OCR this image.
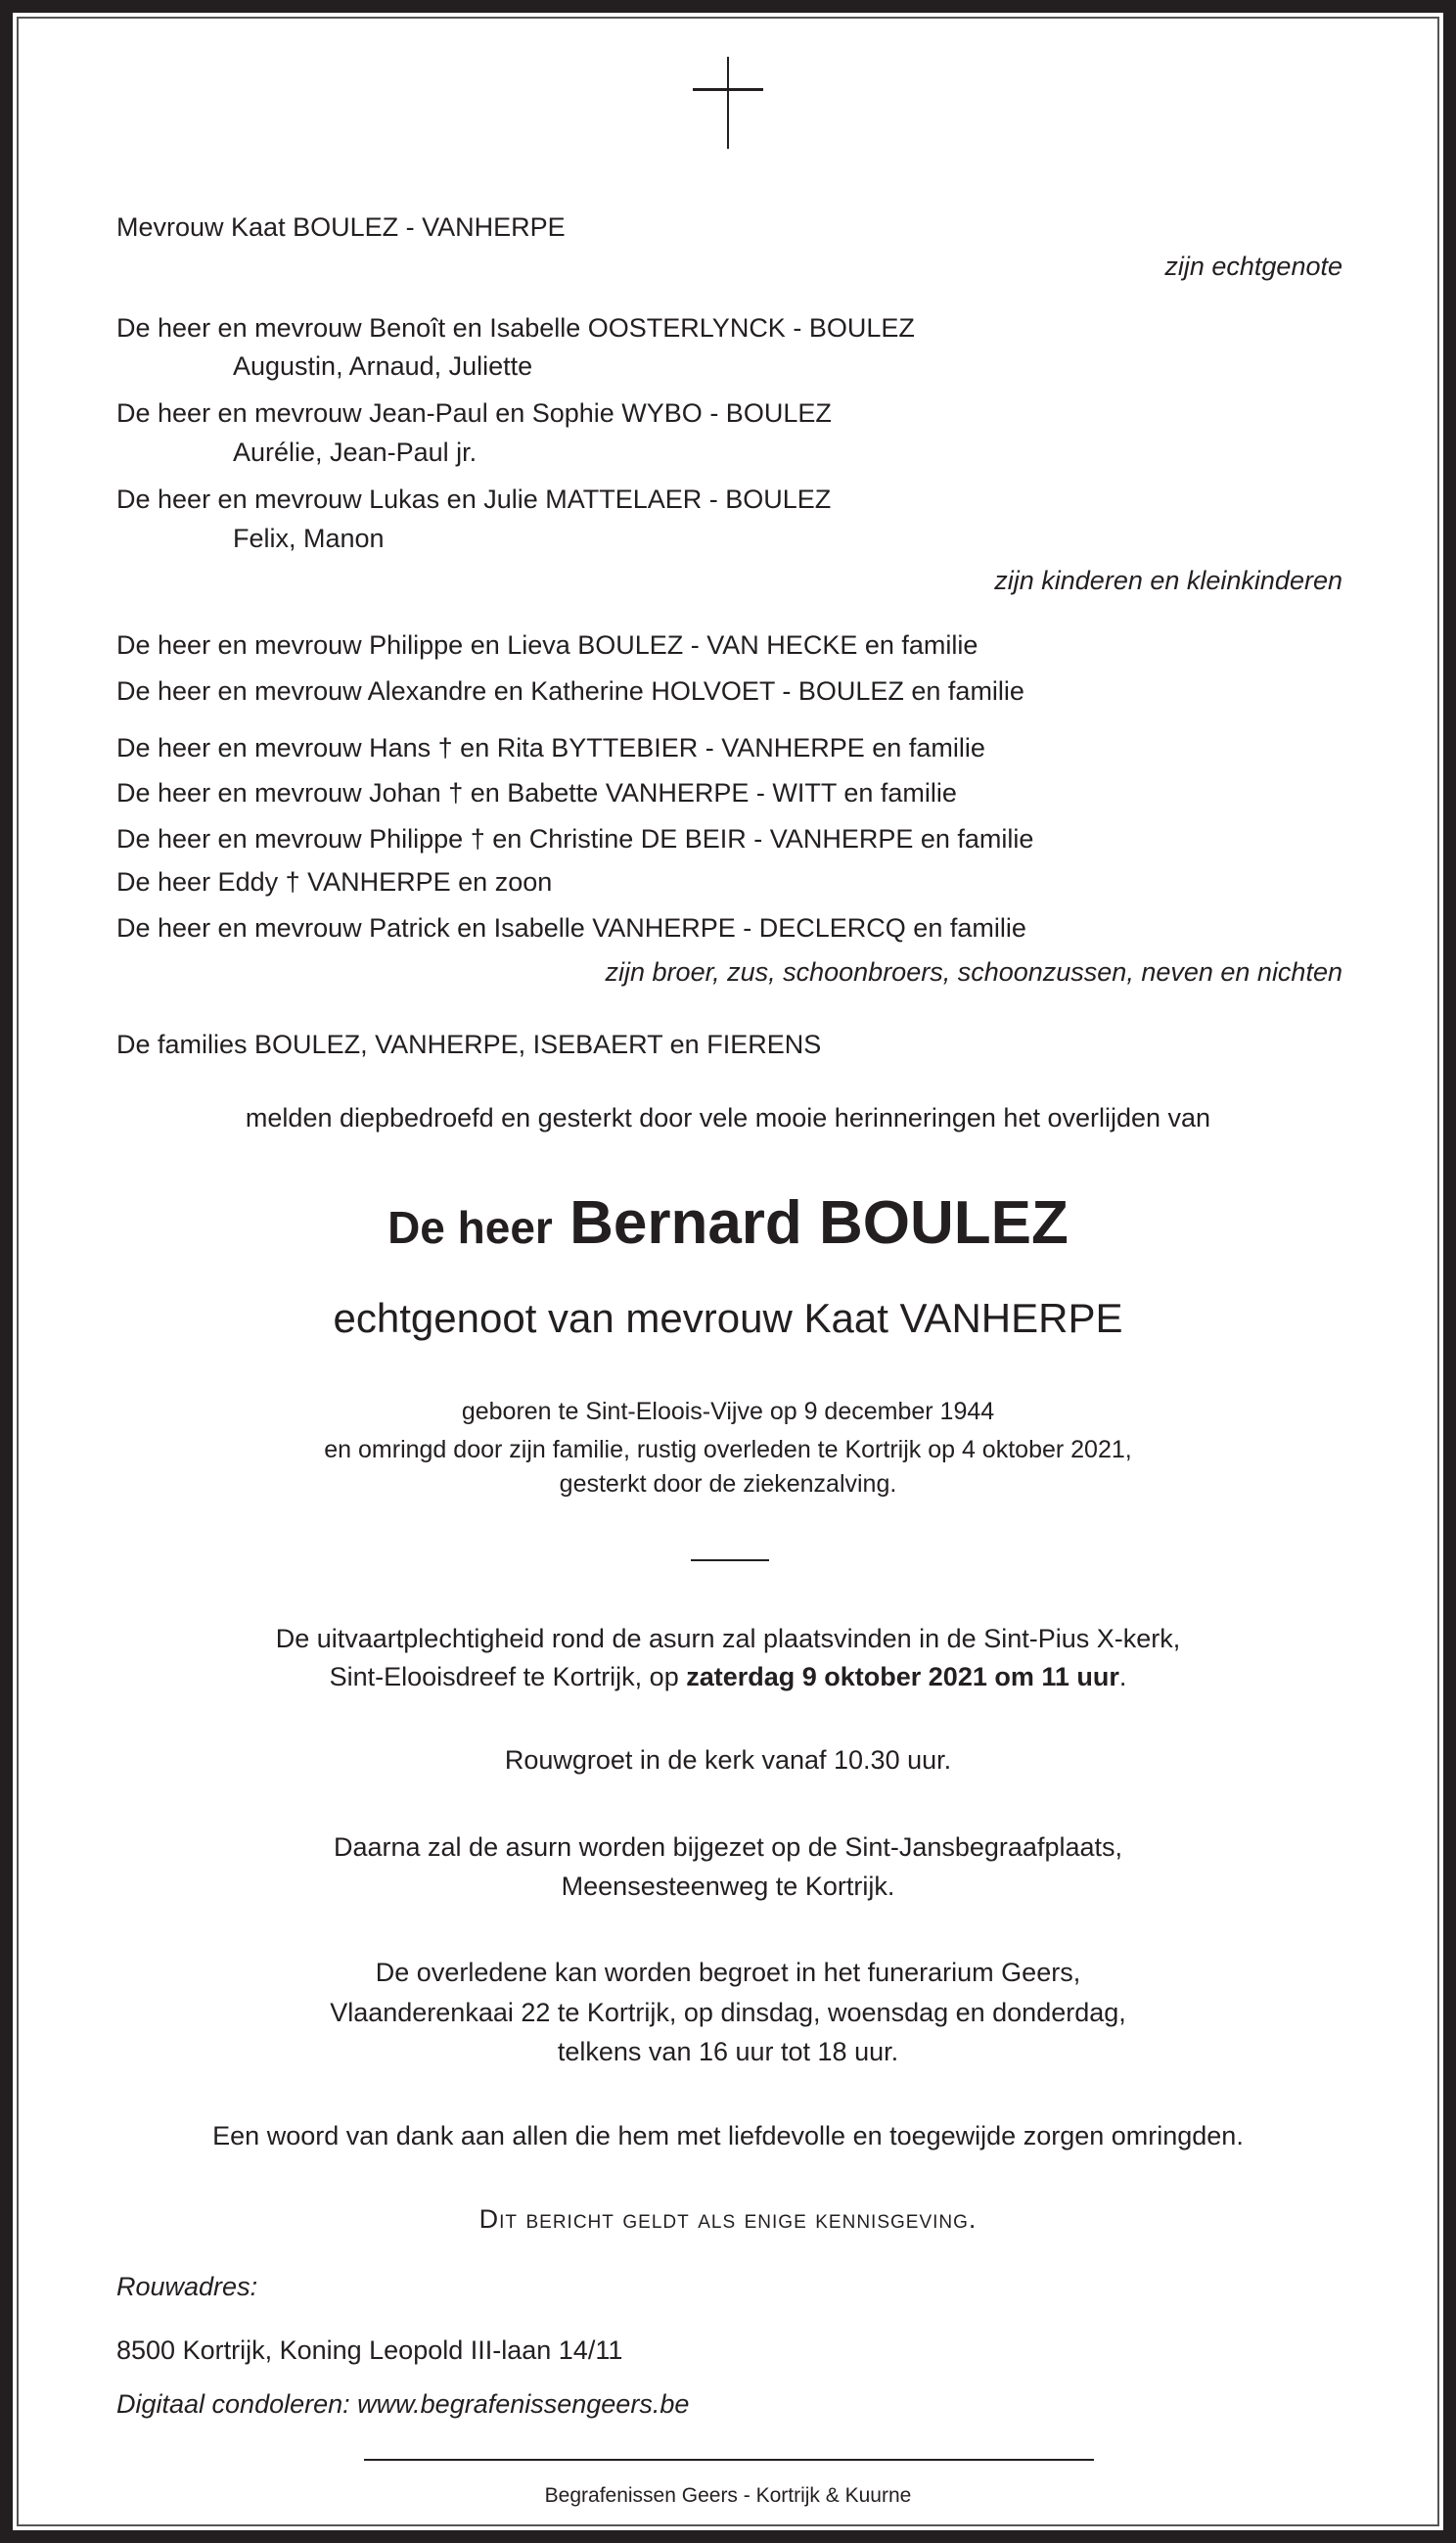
Mevrouw Kaat BOULEZ - VANHERPE
zijn echtgenote
De heer en mevrouw Benoît en Isabelle OOSTERLYNCK - BOULEZ
Augustin, Arnaud, Juliette
De heer en mevrouw Jean-Paul en Sophie WYBO - BOULEZ
Aurélie, Jean-Paul jr.
De heer en mevrouw Lukas en Julie MATTELAER - BOULEZ
Felix, Manon
zijn kinderen en kleinkinderen
De heer en mevrouw Philippe en Lieva BOULEZ - VAN HECKE en familie
De heer en mevrouw Alexandre en Katherine HOLVOET - BOULEZ en familie
De heer en mevrouw Hans † en Rita BYTTEBIER - VANHERPE en familie
De heer en mevrouw Johan † en Babette VANHERPE - WITT en familie
De heer en mevrouw Philippe † en Christine DE BEIR - VANHERPE en familie
De heer Eddy † VANHERPE en zoon
De heer en mevrouw Patrick en Isabelle VANHERPE - DECLERCQ en familie
zijn broer, zus, schoonbroers, schoonzussen, neven en nichten
De families BOULEZ, VANHERPE, ISEBAERT en FIERENS
melden diepbedroefd en gesterkt door vele mooie herinneringen het overlijden van
De heer Bernard BOULEZ
echtgenoot van mevrouw Kaat VANHERPE
geboren te Sint-Eloois-Vijve op 9 december 1944
en omringd door zijn familie, rustig overleden te Kortrijk op 4 oktober 2021,
gesterkt door de ziekenzalving.
De uitvaartplechtigheid rond de asurn zal plaatsvinden in de Sint-Pius X-kerk,
Sint-Elooisdreef te Kortrijk, op zaterdag 9 oktober 2021 om 11 uur.
Rouwgroet in de kerk vanaf 10.30 uur.
Daarna zal de asurn worden bijgezet op de Sint-Jansbegraafplaats,
Meensesteenweg te Kortrijk.
De overledene kan worden begroet in het funerarium Geers,
Vlaanderenkaai 22 te Kortrijk, op dinsdag, woensdag en donderdag,
telkens van 16 uur tot 18 uur.
Een woord van dank aan allen die hem met liefdevolle en toegewijde zorgen omringden.
Dit bericht geldt als enige kennisgeving.
Rouwadres:
8500 Kortrijk, Koning Leopold III-laan 14/11
Digitaal condoleren: www.begrafenissengeers.be
Begrafenissen Geers - Kortrijk & Kuurne
